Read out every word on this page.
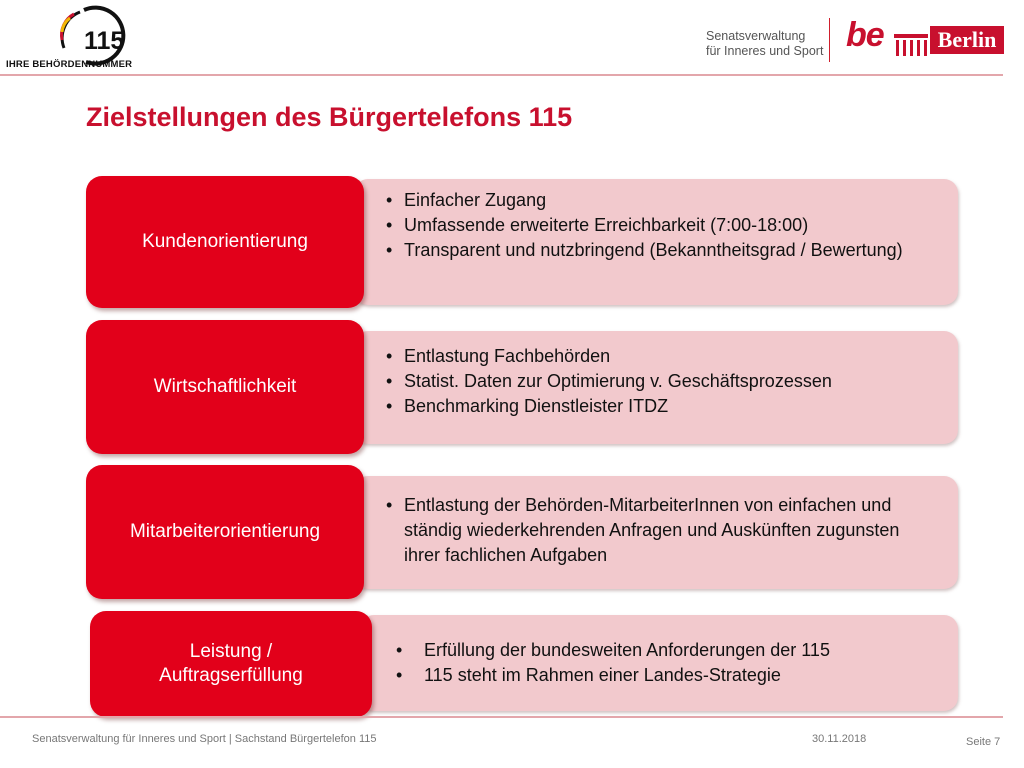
115
IHRE BEHÖRDENNUMMER
Senatsverwaltung
für Inneres und Sport be	Berlin
Zielstellungen des Bürgertelefons 115
• Einfacher Zugang
• Umfassende erweiterte Erreichbarkeit (7:00-18:00)
• Transparent und nutzbringend (Bekanntheitsgrad / Bewertung)
Kundenorientierung
• Entlastung Fachbehörden
• Statist. Daten zur Optimierung v. Geschäftsprozessen
• Benchmarking Dienstleister ITDZ
Wirtschaftlichkeit
• Entlastung der Behörden-MitarbeiterInnen von einfachen und ständig wiederkehrenden Anfragen und Auskünften zugunsten ihrer fachlichen Aufgaben
Mitarbeiterorientierung
• Erfüllung der bundesweiten Anforderungen der 115
• 115 steht im Rahmen einer Landes-Strategie
Leistung /
Auftragserfüllung
Senatsverwaltung für Inneres und Sport | Sachstand Bürgertelefon 115	30.11.2018	Seite 7
